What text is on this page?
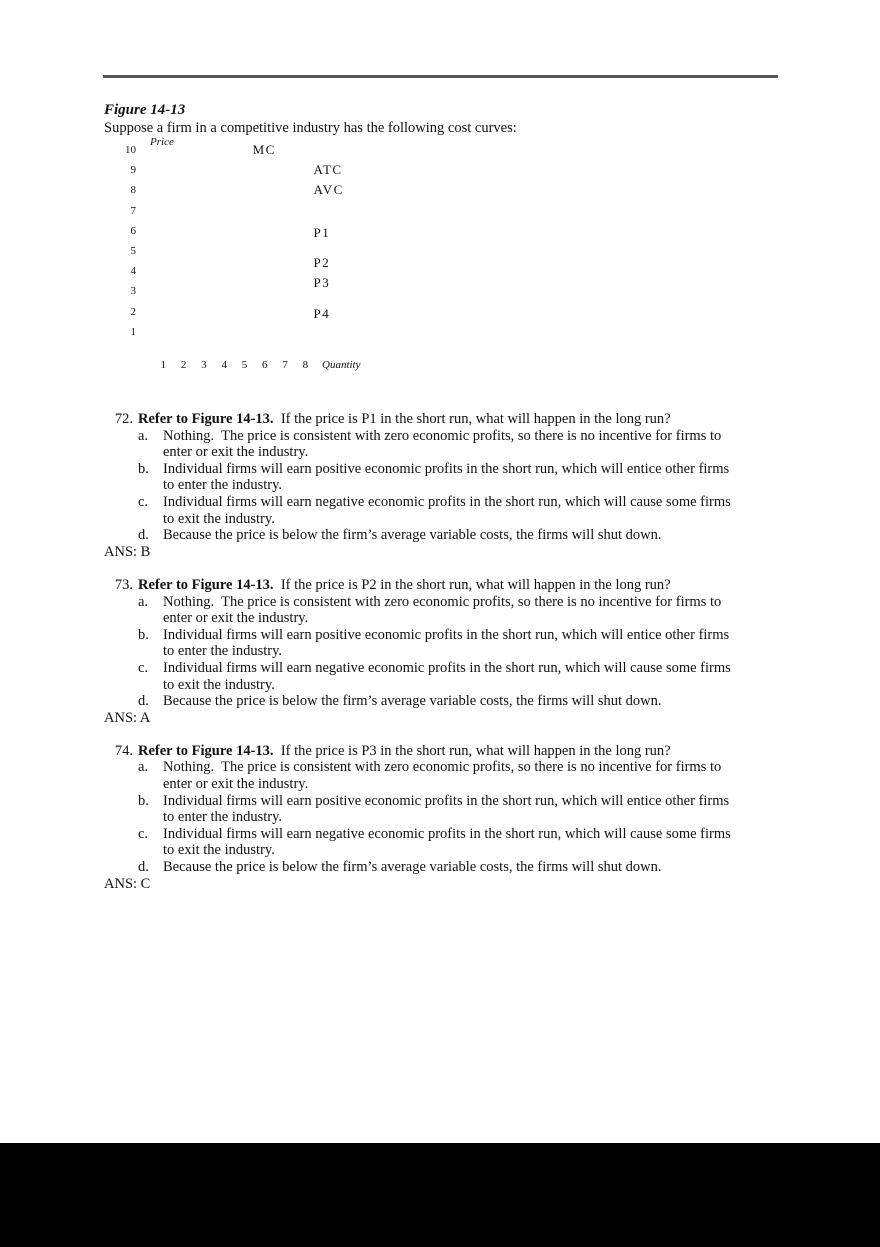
Figure 14-13
Suppose a firm in a competitive industry has the following cost curves:
Price
Quantity
10
9
8
7
6
5
4
3
2
1
1 2 3 4 5 6 7 8
MC
ATC
AVC
P1
P2
P3
P4
72. Refer to Figure 14-13.  If the price is P1 in the short run, what will happen in the long run?
a.	Nothing.  The price is consistent with zero economic profits, so there is no incentive for firms to enter or exit the industry.
b. Individual firms will earn positive economic profits in the short run, which will entice other firms to enter the industry.
c.	Individual firms will earn negative economic profits in the short run, which will cause some firms to exit the industry.
d. Because the price is below the firm’s average variable costs, the firms will shut down.
ANS: B
73. Refer to Figure 14-13.  If the price is P2 in the short run, what will happen in the long run?
a.	Nothing.  The price is consistent with zero economic profits, so there is no incentive for firms to enter or exit the industry.
b. Individual firms will earn positive economic profits in the short run, which will entice other firms to enter the industry.
c.	Individual firms will earn negative economic profits in the short run, which will cause some firms to exit the industry.
d. Because the price is below the firm’s average variable costs, the firms will shut down.
ANS: A
74. Refer to Figure 14-13.  If the price is P3 in the short run, what will happen in the long run?
a.	Nothing.  The price is consistent with zero economic profits, so there is no incentive for firms to enter or exit the industry.
b. Individual firms will earn positive economic profits in the short run, which will entice other firms to enter the industry.
c.	Individual firms will earn negative economic profits in the short run, which will cause some firms to exit the industry.
d. Because the price is below the firm’s average variable costs, the firms will shut down.
ANS: C
